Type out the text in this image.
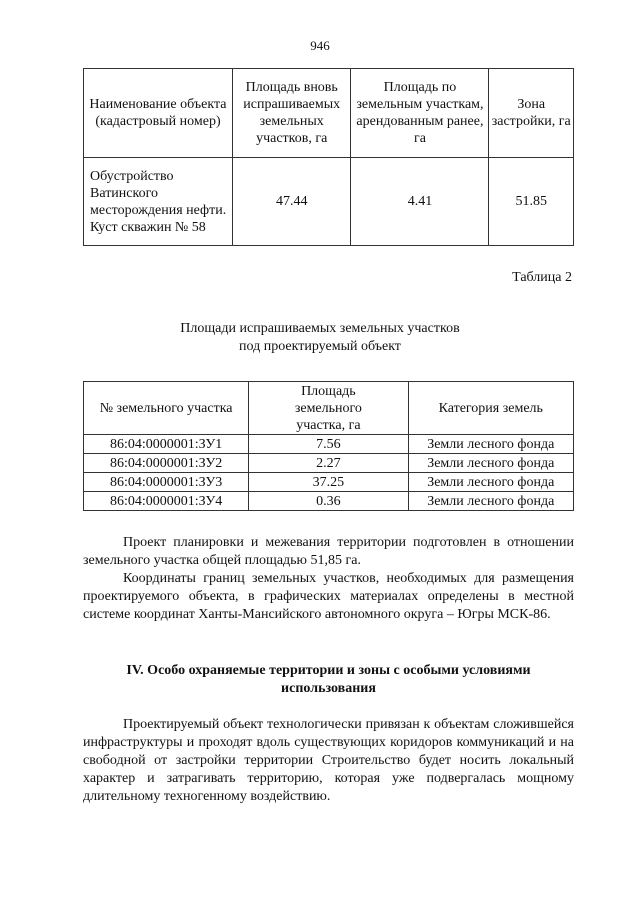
946
Наименование объекта (кадастровый номер)	Площадь вновь испрашиваемых земельных участков, га	Площадь по земельным участкам, арендованным ранее, га	Зона застройки, га
Обустройство Ватинского месторождения нефти. Куст скважин № 58	47.44	4.41	51.85
Таблица 2
Площади испрашиваемых земельных участков
под проектируемый объект
№ земельного участка	Площадь земельного участка, га	Категория земель
86:04:0000001:ЗУ1	7.56	Земли лесного фонда
86:04:0000001:ЗУ2	2.27	Земли лесного фонда
86:04:0000001:ЗУ3	37.25	Земли лесного фонда
86:04:0000001:ЗУ4	0.36	Земли лесного фонда

Проект планировки и межевания территории подготовлен в отношении земельного участка общей площадью 51,85 га.

Координаты границ земельных участков, необходимых для размещения проектируемого объекта, в графических материалах определены в местной системе координат Ханты-Мансийского автономного округа – Югры МСК-86.

IV. Особо охраняемые территории и зоны с особыми условиями использования

Проектируемый объект технологически привязан к объектам сложившейся инфраструктуры и проходят вдоль существующих коридоров коммуникаций и на свободной от застройки территории Строительство будет носить локальный характер и затрагивать территорию, которая уже подвергалась мощному длительному техногенному воздействию.
